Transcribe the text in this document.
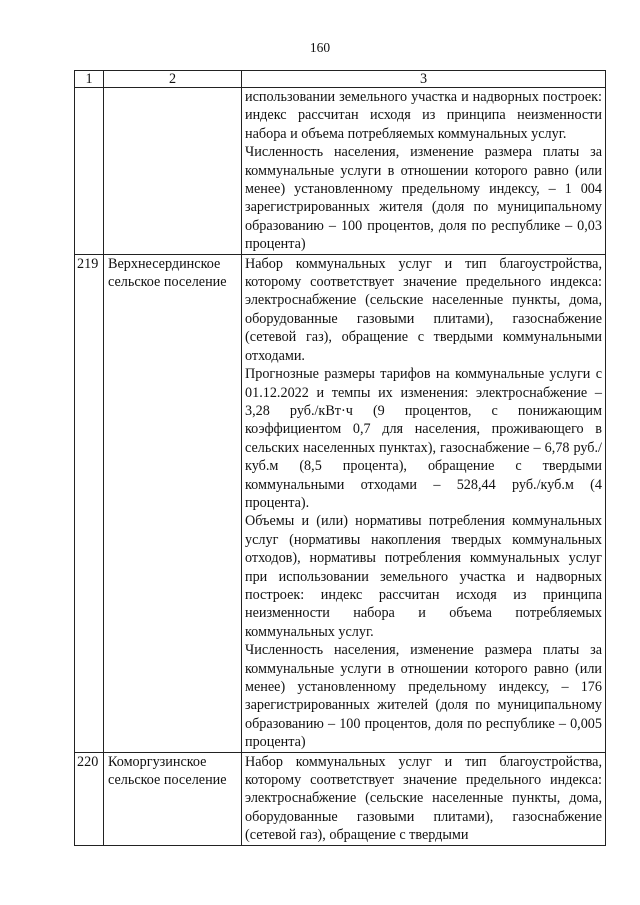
160
1	2	3

		использовании земельного участка и надворных построек: индекс рассчитан исходя из принципа неизменности набора и объема потребляемых коммунальных услуг.

Численность населения, изменение размера платы за коммунальные услуги в отношении которого равно (или менее) установленному предельному индексу, – 1 004 зарегистрированных жителя (доля по муниципальному образованию – 100 процентов, доля по республике – 0,03 процента)

219	Верхнесердинское сельское поселение	Набор коммунальных услуг и тип благоустройства, которому соответствует значение предельного индекса: электроснабжение (сельские населенные пункты, дома, оборудованные газовыми плитами), газоснабжение (сетевой газ), обращение с твердыми коммунальными отходами.

Прогнозные размеры тарифов на коммунальные услуги с 01.12.2022 и темпы их изменения: электроснабжение – 3,28 руб./кВт·ч (9 процентов, с понижающим коэффициентом 0,7 для населения, проживающего в сельских населенных пунктах), газоснабжение – 6,78 руб./куб.м (8,5 процента), обращение с твердыми коммунальными отходами – 528,44 руб./куб.м (4 процента).

Объемы и (или) нормативы потребления коммунальных услуг (нормативы накопления твердых коммунальных отходов), нормативы потребления коммунальных услуг при использовании земельного участка и надворных построек: индекс рассчитан исходя из принципа неизменности набора и объема потребляемых коммунальных услуг.

Численность населения, изменение размера платы за коммунальные услуги в отношении которого равно (или менее) установленному предельному индексу, – 176 зарегистрированных жителей (доля по муниципальному образованию – 100 процентов, доля по республике – 0,005 процента)

220	Коморгузинское сельское поселение	Набор коммунальных услуг и тип благоустройства, которому соответствует значение предельного индекса: электроснабжение (сельские населенные пункты, дома, оборудованные газовыми плитами), газоснабжение (сетевой газ), обращение с твердыми
